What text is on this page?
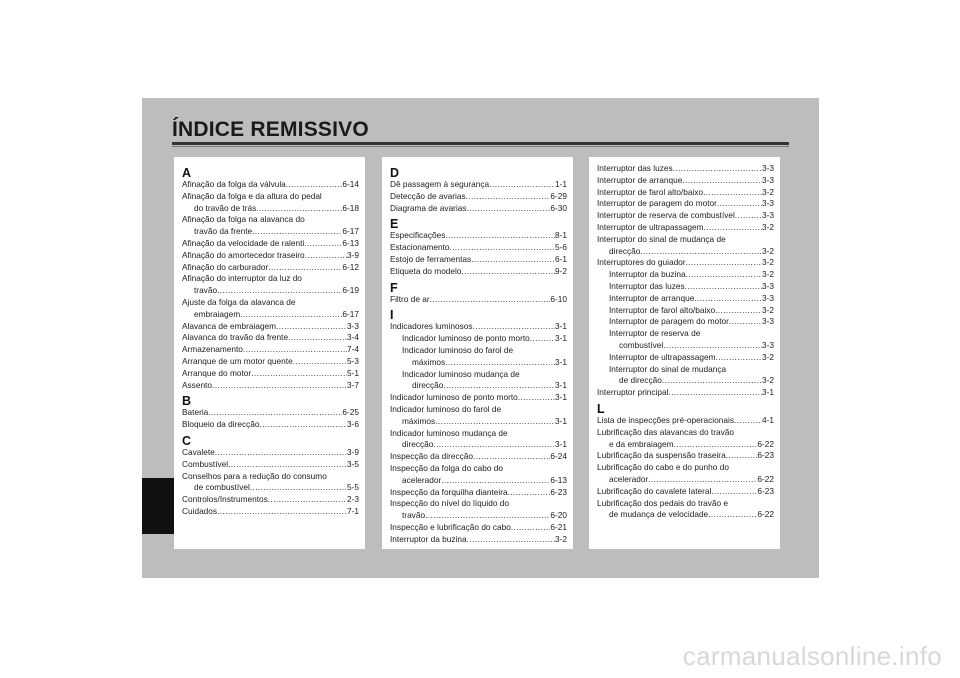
ÍNDICE REMISSIVO
A
Afinação da folga da válvula .....	6-14
Afinação da folga e da altura do pedal
do travão de trás .....	6-18
Afinação da folga na alavanca do
travão da frente .....	6-17
Afinação da velocidade de ralenti .....	6-13
Afinação do amortecedor traseiro .....	3-9
Afinação do carburador .....	6-12
Afinação do interruptor da luz do
travão .....	6-19
Ajuste da folga da alavanca de
embraiagem .....	6-17
Alavanca de embraiagem .....	3-3
Alavanca do travão da frente .....	3-4
Armazenamento .....	7-4
Arranque de um motor quente .....	5-3
Arranque do motor .....	5-1
Assento .....	3-7
B
Bateria .....	6-25
Bloqueio da direcção .....	3-6
C
Cavalete .....	3-9
Combustível .....	3-5
Conselhos para a redução do consumo
de combustível .....	5-5
Controlos/Instrumentos .....	2-3
Cuidados .....	7-1
D
Dê passagem à segurança .....	1-1
Detecção de avarias .....	6-29
Diagrama de avarias .....	6-30
E
Especificações .....	8-1
Estacionamento .....	5-6
Estojo de ferramentas .....	6-1
Etiqueta do modelo .....	9-2
F
Filtro de ar .....	6-10
I
Indicadores luminosos .....	3-1
Indicador luminoso de ponto morto .....	3-1
Indicador luminoso do farol de
máximos .....	3-1
Indicador luminoso mudança de
direcção .....	3-1
Indicador luminoso de ponto morto .....	3-1
Indicador luminoso do farol de
máximos .....	3-1
Indicador luminoso mudança de
direcção .....	3-1
Inspecção da direcção .....	6-24
Inspecção da folga do cabo do
acelerador .....	6-13
Inspecção da forquilha dianteira .....	6-23
Inspecção do nível do líquido do
travão .....	6-20
Inspecção e lubrificação do cabo .....	6-21
Interruptor da buzina .....	3-2
Interruptor das luzes .....	3-3
Interruptor de arranque .....	3-3
Interruptor de farol alto/baixo .....	3-2
Interruptor de paragem do motor .....	3-3
Interruptor de reserva de combustível .....	3-3
Interruptor de ultrapassagem .....	3-2
Interruptor do sinal de mudança de
direcção .....	3-2
Interruptores do guiador .....	3-2
Interruptor da buzina .....	3-2
Interruptor das luzes .....	3-3
Interruptor de arranque .....	3-3
Interruptor de farol alto/baixo .....	3-2
Interruptor de paragem do motor .....	3-3
Interruptor de reserva de
combustível .....	3-3
Interruptor de ultrapassagem .....	3-2
Interruptor do sinal de mudança
de direcção .....	3-2
Interruptor principal .....	3-1
L
Lista de inspecções pré-operacionais .....	4-1
Lubrificação das alavancas do travão
e da embraiagem .....	6-22
Lubrificação da suspensão traseira .....	6-23
Lubrificação do cabo e do punho do
acelerador .....	6-22
Lubrificação do cavalete lateral .....	6-23
Lubrificação dos pedais do travão e
de mudança de velocidade .....	6-22
carmanualsonline.info
